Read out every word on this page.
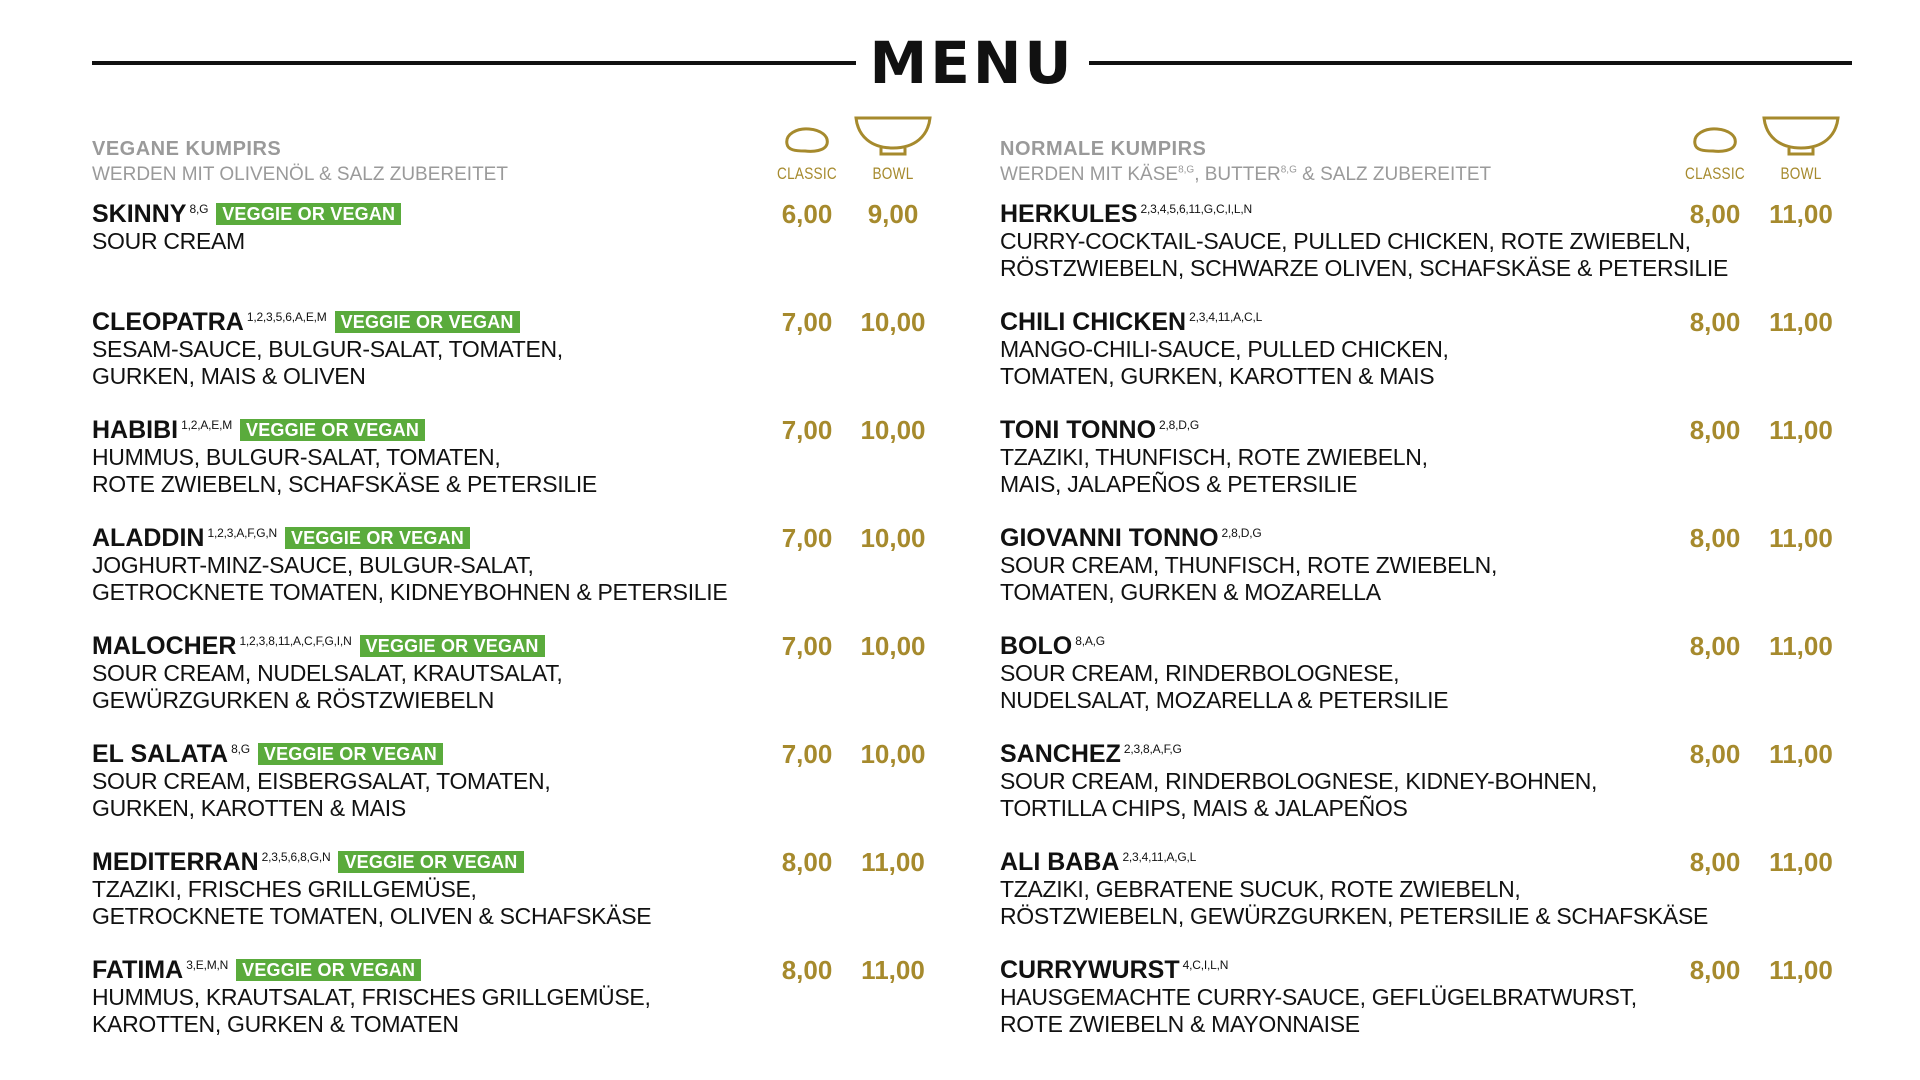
MENU
VEGANE KUMPIRS
WERDEN MIT OLIVENÖL & SALZ ZUBEREITET	CLASSIC	BOWL
SKINNY 8,G VEGGIE OR VEGAN
SOUR CREAM
6,00	9,00
CLEOPATRA 1,2,3,5,6,A,E,M VEGGIE OR VEGAN
SESAM-SAUCE, BULGUR-SALAT, TOMATEN,
GURKEN, MAIS & OLIVEN
7,00	10,00
HABIBI 1,2,A,E,M VEGGIE OR VEGAN
HUMMUS, BULGUR-SALAT, TOMATEN,
ROTE ZWIEBELN, SCHAFSKÄSE & PETERSILIE
7,00	10,00
ALADDIN 1,2,3,A,F,G,N VEGGIE OR VEGAN
JOGHURT-MINZ-SAUCE, BULGUR-SALAT,
GETROCKNETE TOMATEN, KIDNEYBOHNEN & PETERSILIE
7,00	10,00
MALOCHER 1,2,3,8,11,A,C,F,G,I,N VEGGIE OR VEGAN
SOUR CREAM, NUDELSALAT, KRAUTSALAT,
GEWÜRZGURKEN & RÖSTZWIEBELN
7,00	10,00
EL SALATA 8,G VEGGIE OR VEGAN
SOUR CREAM, EISBERGSALAT, TOMATEN,
GURKEN, KAROTTEN & MAIS
7,00	10,00
MEDITERRAN 2,3,5,6,8,G,N VEGGIE OR VEGAN
TZAZIKI, FRISCHES GRILLGEMÜSE,
GETROCKNETE TOMATEN, OLIVEN & SCHAFSKÄSE
8,00	11,00
FATIMA 3,E,M,N VEGGIE OR VEGAN
HUMMUS, KRAUTSALAT, FRISCHES GRILLGEMÜSE,
KAROTTEN, GURKEN & TOMATEN
8,00	11,00
NORMALE KUMPIRS
WERDEN MIT $KÄSE^{8,G}$, $BUTTER^{8,G}$ & SALZ ZUBEREITET	CLASSIC	BOWL
HERKULES 2,3,4,5,6,11,G,C,I,L,N
CURRY-COCKTAIL-SAUCE, PULLED CHICKEN, ROTE ZWIEBELN,
RÖSTZWIEBELN, SCHWARZE OLIVEN, SCHAFSKÄSE & PETERSILIE
8,00	11,00
CHILI CHICKEN 2,3,4,11,A,C,L
MANGO-CHILI-SAUCE, PULLED CHICKEN,
TOMATEN, GURKEN, KAROTTEN & MAIS
8,00	11,00
TONI TONNO 2,8,D,G
TZAZIKI, THUNFISCH, ROTE ZWIEBELN,
MAIS, JALAPEÑOS & PETERSILIE
8,00	11,00
GIOVANNI TONNO 2,8,D,G
SOUR CREAM, THUNFISCH, ROTE ZWIEBELN,
TOMATEN, GURKEN & MOZARELLA
8,00	11,00
BOLO 8,A,G
SOUR CREAM, RINDERBOLOGNESE,
NUDELSALAT, MOZARELLA & PETERSILIE
8,00	11,00
SANCHEZ 2,3,8,A,F,G
SOUR CREAM, RINDERBOLOGNESE, KIDNEY-BOHNEN,
TORTILLA CHIPS, MAIS & JALAPEÑOS
8,00	11,00
ALI BABA 2,3,4,11,A,G,L
TZAZIKI, GEBRATENE SUCUK, ROTE ZWIEBELN,
RÖSTZWIEBELN, GEWÜRZGURKEN, PETERSILIE & SCHAFSKÄSE
8,00	11,00
CURRYWURST 4,C,I,L,N
HAUSGEMACHTE CURRY-SAUCE, GEFLÜGELBRATWURST,
ROTE ZWIEBELN & MAYONNAISE
8,00	11,00
